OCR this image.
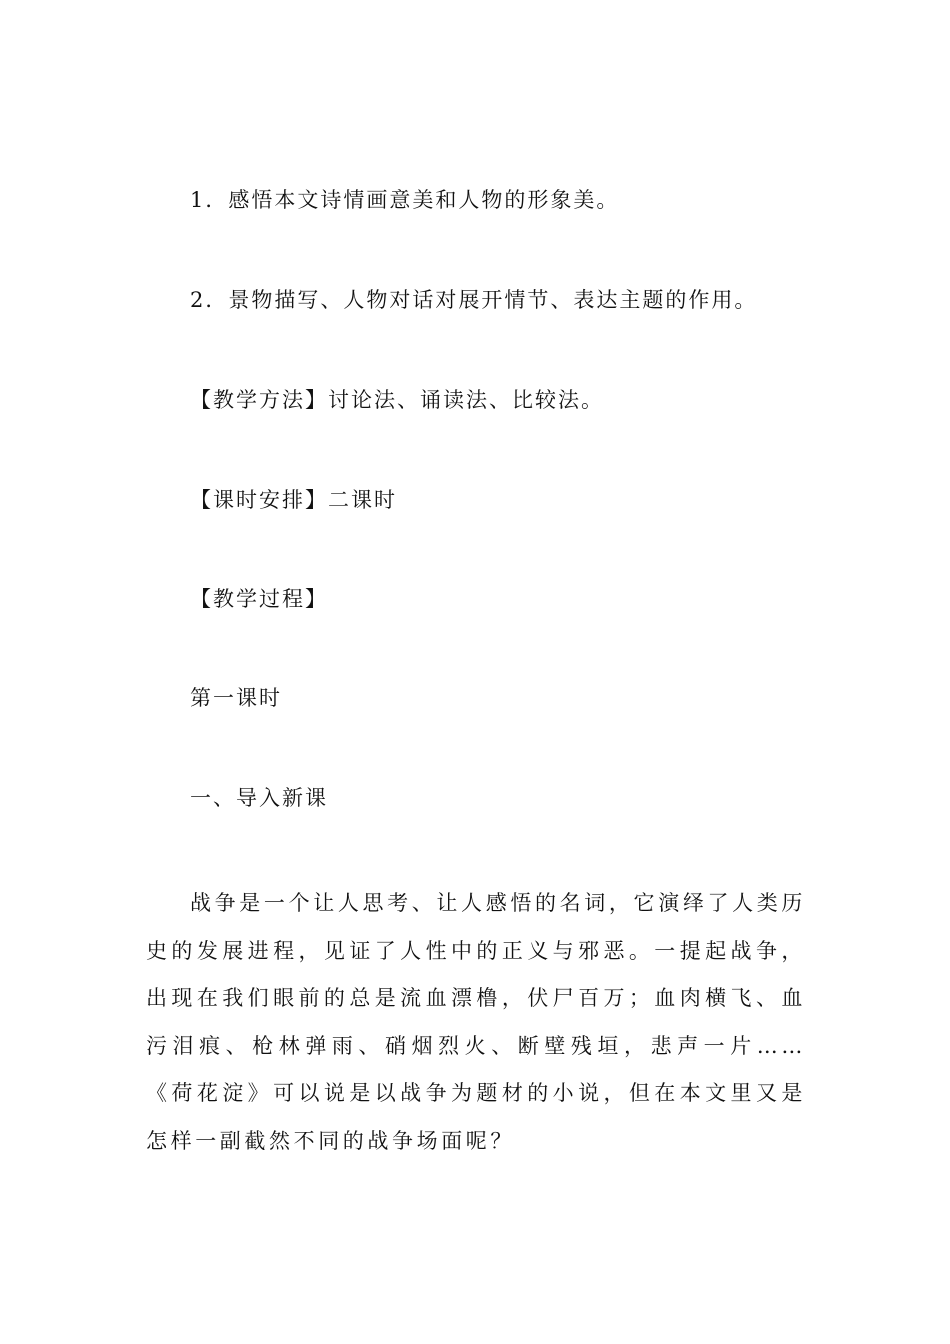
1．感悟本文诗情画意美和人物的形象美。
2．景物描写、人物对话对展开情节、表达主题的作用。
【教学方法】讨论法、诵读法、比较法。
【课时安排】二课时
【教学过程】
第一课时
一、导入新课
战争是一个让人思考、让人感悟的名词，它演绎了人类历史的发展进程，见证了人性中的正义与邪恶。一提起战争，出现在我们眼前的总是流血漂橹，伏尸百万；血肉横飞、血污泪痕、枪林弹雨、硝烟烈火、断壁残垣，悲声一片……《荷花淀》可以说是以战争为题材的小说，但在本文里又是怎样一副截然不同的战争场面呢？
